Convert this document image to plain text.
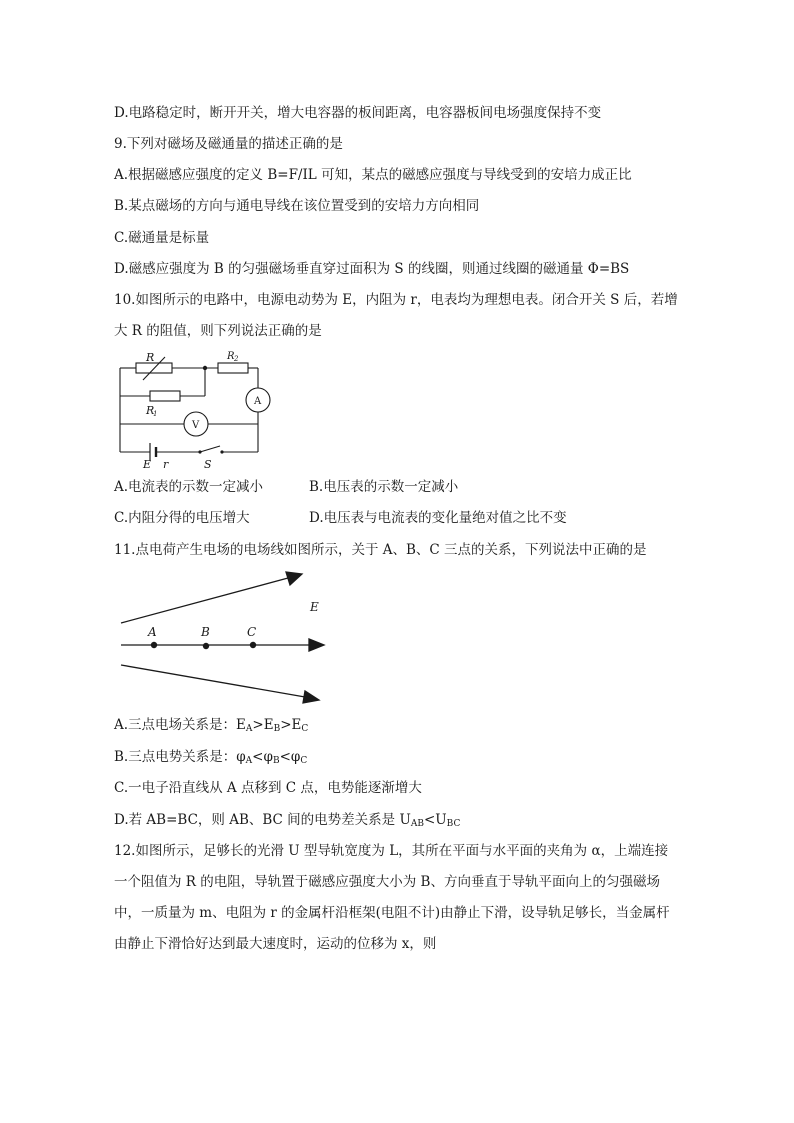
D.电路稳定时，断开开关，增大电容器的板间距离，电容器板间电场强度保持不变
9.下列对磁场及磁通量的描述正确的是
A.根据磁感应强度的定义 B=F/IL 可知，某点的磁感应强度与导线受到的安培力成正比
B.某点磁场的方向与通电导线在该位置受到的安培力方向相同
C.磁通量是标量
D.磁感应强度为 B 的匀强磁场垂直穿过面积为 S 的线圈，则通过线圈的磁通量 Φ=BS
10.如图所示的电路中，电源电动势为 E，内阻为 r，电表均为理想电表。闭合开关 S 后，若增
大 R 的阻值，则下列说法正确的是
R	R 2
R
1
A
V
E r	S
A.电流表的示数一定减小	B.电压表的示数一定减小
C.内阻分得的电压增大	D.电压表与电流表的变化量绝对值之比不变
11.点电荷产生电场的电场线如图所示，关于 A、B、C 三点的关系，下列说法中正确的是
A	B	C
E
A.三点电场关系是：$E_A>E_B>E_C$
B.三点电势关系是：$\varphi_A<\varphi_B<\varphi_C$
C.一电子沿直线从 A 点移到 C 点，电势能逐渐增大
D.若 AB=BC，则 AB、BC 间的电势差关系是 $U_{AB}<U_{BC}$
12.如图所示，足够长的光滑 U 型导轨宽度为 L，其所在平面与水平面的夹角为 α，上端连接
一个阻值为 R 的电阻，导轨置于磁感应强度大小为 B、方向垂直于导轨平面向上的匀强磁场
中，一质量为 m、电阻为 r 的金属杆沿框架(电阻不计)由静止下滑，设导轨足够长，当金属杆
由静止下滑恰好达到最大速度时，运动的位移为 x，则
